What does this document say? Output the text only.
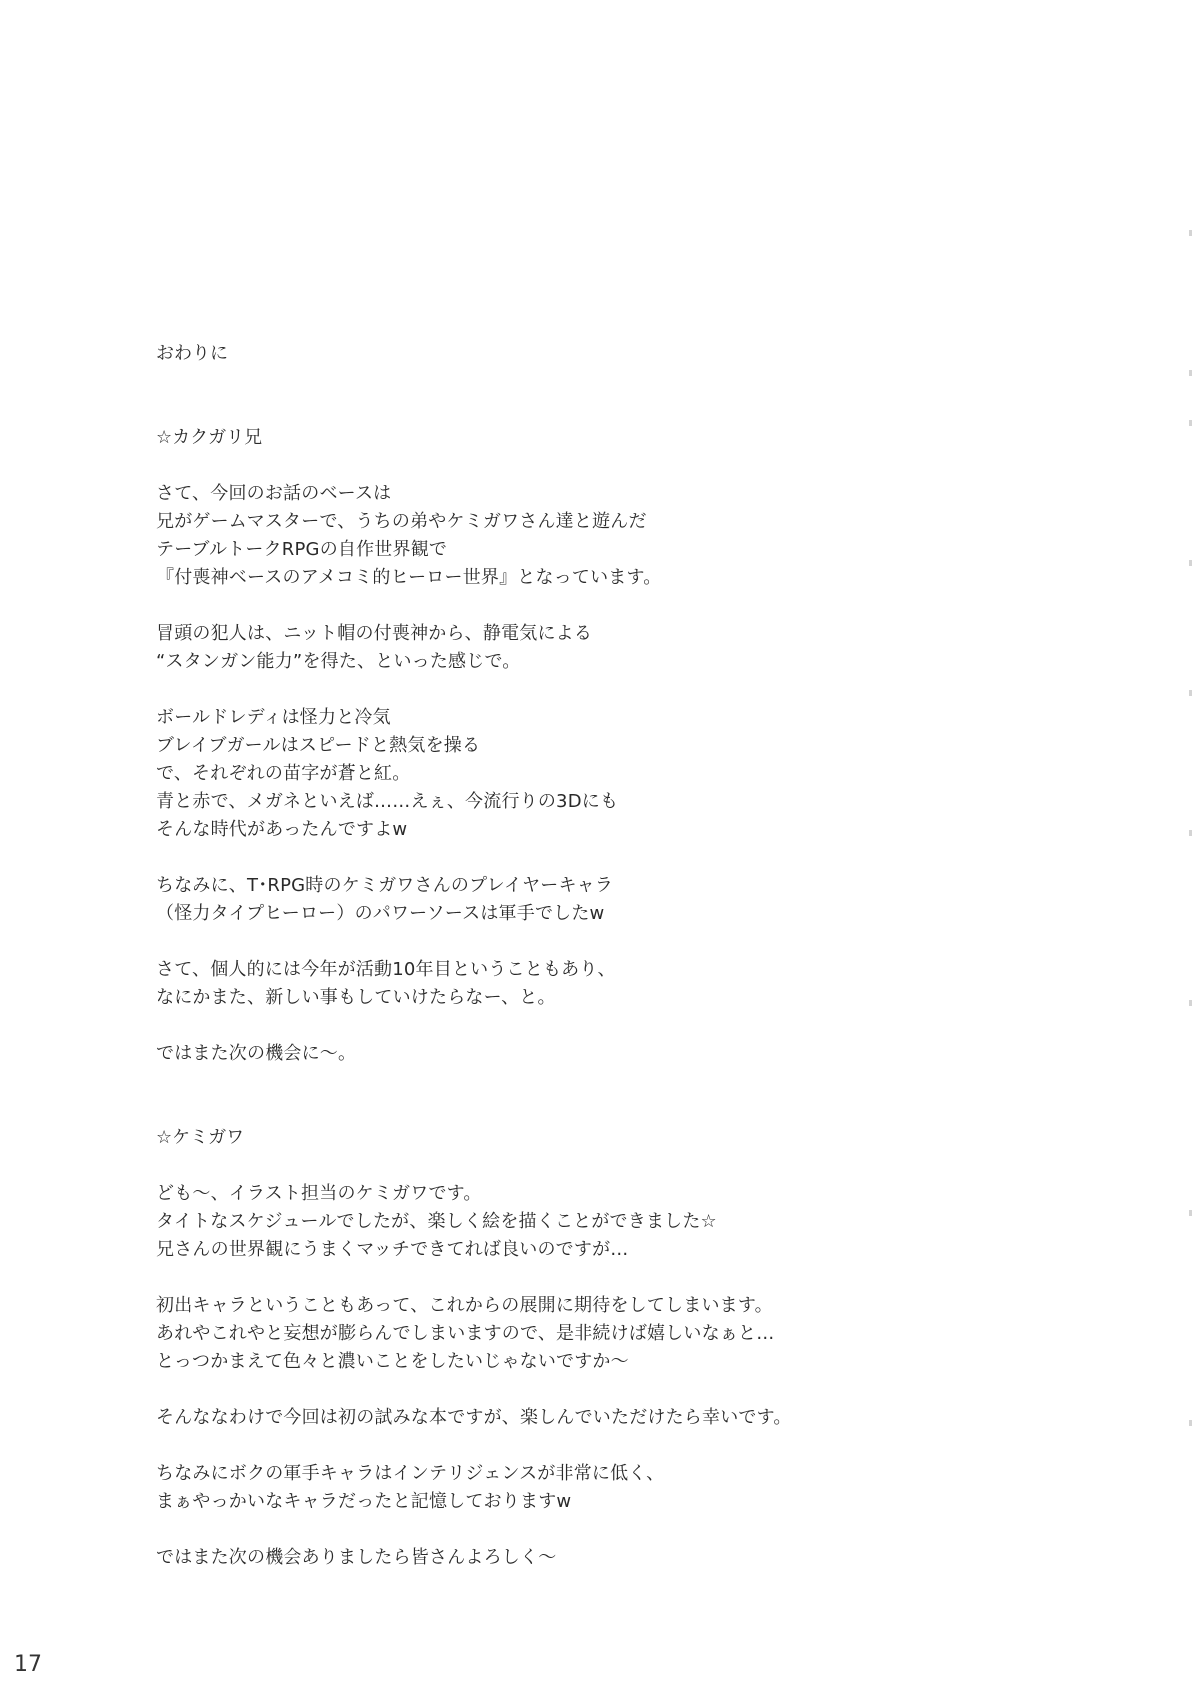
おわりに
☆カクガリ兄
さて、今回のお話のベースは
兄がゲームマスターで、うちの弟やケミガワさん達と遊んだ
テーブルトークRPGの自作世界観で
『付喪神ベースのアメコミ的ヒーロー世界』となっています。
冒頭の犯人は、ニット帽の付喪神から、静電気による
“スタンガン能力”を得た、といった感じで。
ボールドレディは怪力と冷気
ブレイブガールはスピードと熱気を操る
で、それぞれの苗字が蒼と紅。
青と赤で、メガネといえば……えぇ、今流行りの3Dにも
そんな時代があったんですよw
ちなみに、T･RPG時のケミガワさんのプレイヤーキャラ
（怪力タイプヒーロー）のパワーソースは軍手でしたw
さて、個人的には今年が活動10年目ということもあり、
なにかまた、新しい事もしていけたらなー、と。
ではまた次の機会に～。
☆ケミガワ
ども～、イラスト担当のケミガワです。
タイトなスケジュールでしたが、楽しく絵を描くことができました☆
兄さんの世界観にうまくマッチできてれば良いのですが…
初出キャラということもあって、これからの展開に期待をしてしまいます。
あれやこれやと妄想が膨らんでしまいますので、是非続けば嬉しいなぁと…
とっつかまえて色々と濃いことをしたいじゃないですか～
そんななわけで今回は初の試みな本ですが、楽しんでいただけたら幸いです。
ちなみにボクの軍手キャラはインテリジェンスが非常に低く、
まぁやっかいなキャラだったと記憶しておりますw
ではまた次の機会ありましたら皆さんよろしく～
17
